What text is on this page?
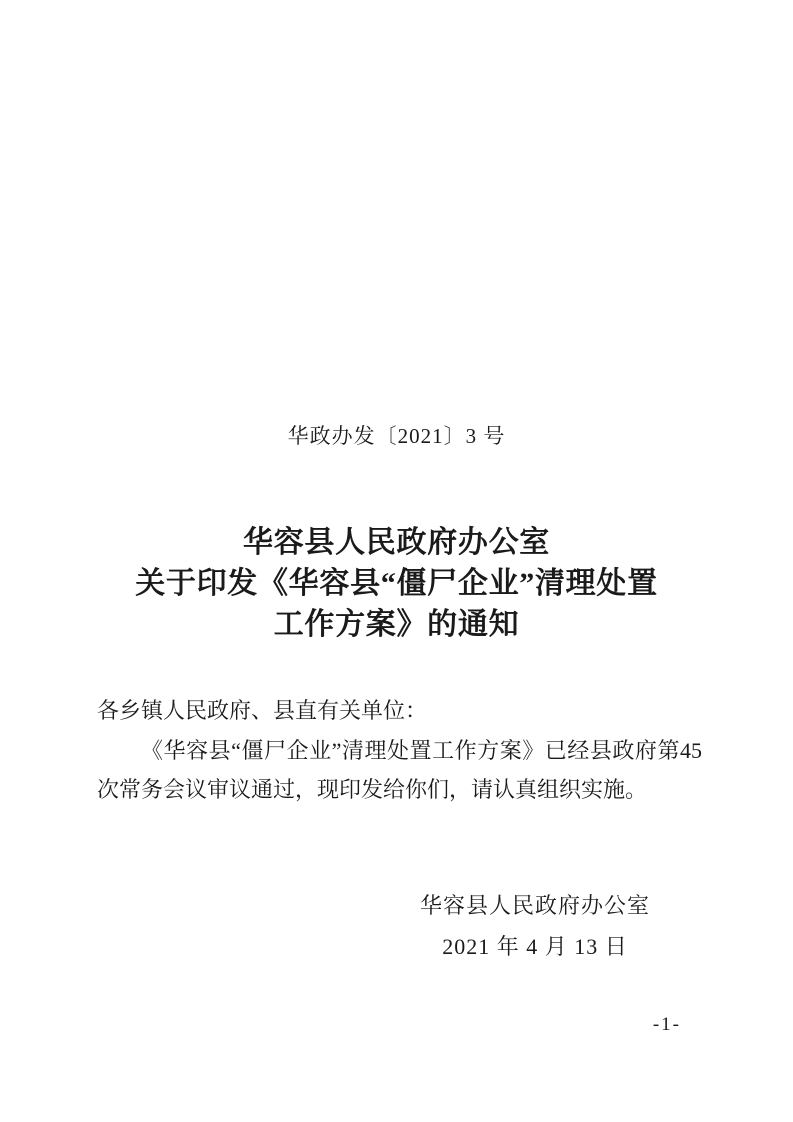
华政办发〔2021〕3 号
华容县人民政府办公室
关于印发《华容县“僵尸企业”清理处置
工作方案》的通知

各乡镇人民政府、县直有关单位：

《华容县“僵尸企业”清理处置工作方案》已经县政府第45 次常务会议审议通过，现印发给你们，请认真组织实施。

华容县人民政府办公室
2021 年 4 月 13 日
-1-
